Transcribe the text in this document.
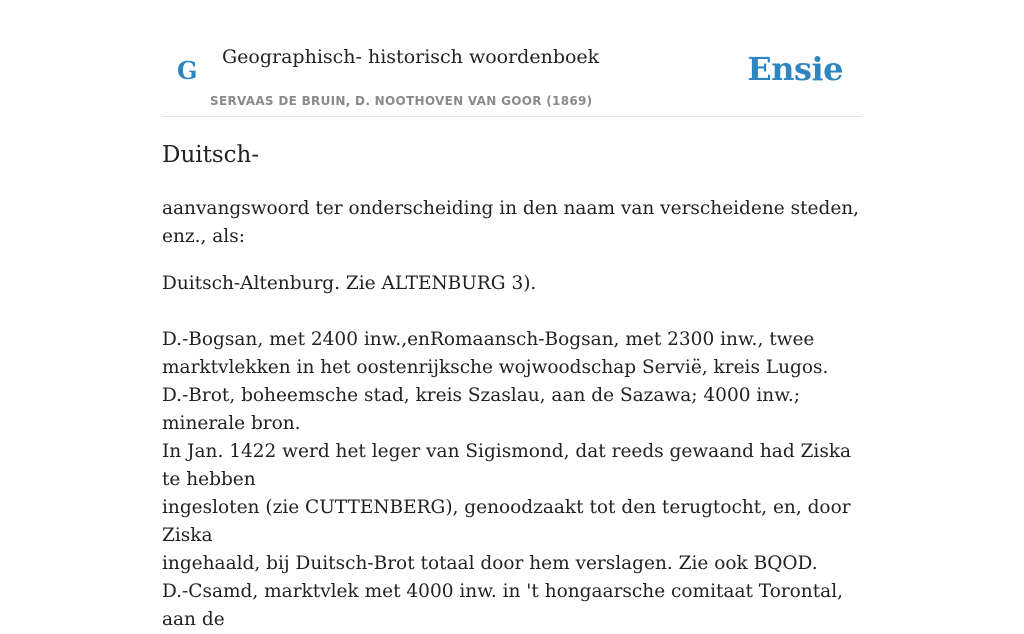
G Geographisch- historisch woordenboek
SERVAAS DE BRUIN, D. NOOTHOVEN VAN GOOR (1869)
Ensie
Duitsch-

aanvangswoord ter onderscheiding in den naam van verscheidene steden, enz., als:

Duitsch-Altenburg. Zie ALTENBURG 3).

D.-Bogsan, met 2400 inw.,enRomaansch-Bogsan, met 2300 inw., twee
marktvlekken in het oostenrijksche wojwoodschap Servië, kreis Lugos.
D.-Brot, boheemsche stad, kreis Szaslau, aan de Sazawa; 4000 inw.; minerale bron.
In Jan. 1422 werd het leger van Sigismond, dat reeds gewaand had Ziska te hebben
ingesloten (zie CUTTENBERG), genoodzaakt tot den terugtocht, en, door Ziska
ingehaald, bij Duitsch-Brot totaal door hem verslagen. Zie ook BQOD.
D.-Csamd, marktvlek met 4000 inw. in 't hongaarsche comitaat Torontal, aan de
